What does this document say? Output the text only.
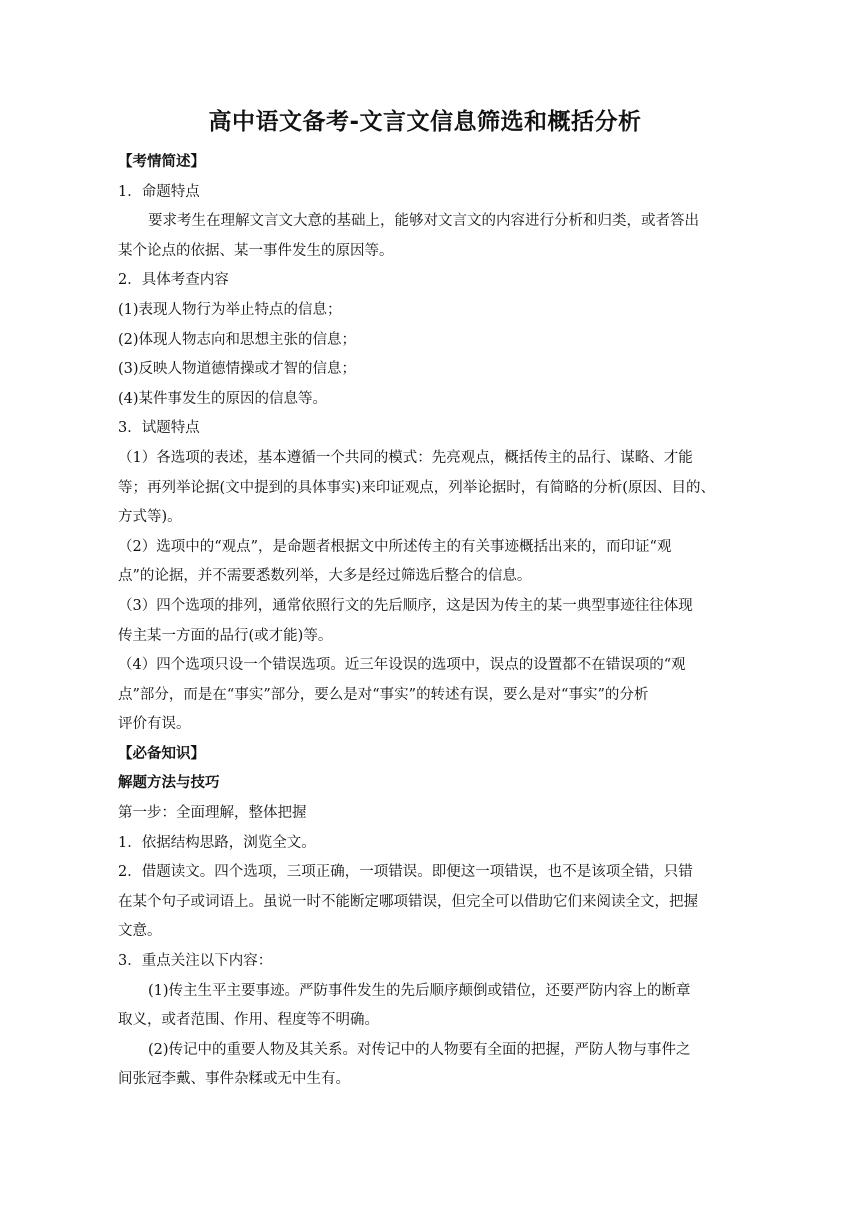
高中语文备考-文言文信息筛选和概括分析

【考情简述】

1．命题特点

要求考生在理解文言文大意的基础上，能够对文言文的内容进行分析和归类，或者答出

某个论点的依据、某一事件发生的原因等。

2．具体考查内容

(1)表现人物行为举止特点的信息；

(2)体现人物志向和思想主张的信息；

(3)反映人物道德情操或才智的信息；

(4)某件事发生的原因的信息等。

3．试题特点

（1）各选项的表述，基本遵循一个共同的模式：先亮观点，概括传主的品行、谋略、才能

等；再列举论据(文中提到的具体事实)来印证观点，列举论据时，有简略的分析(原因、目的、

方式等)。

（2）选项中的“观点”，是命题者根据文中所述传主的有关事迹概括出来的，而印证“观

点”的论据，并不需要悉数列举，大多是经过筛选后整合的信息。

（3）四个选项的排列，通常依照行文的先后顺序，这是因为传主的某一典型事迹往往体现

传主某一方面的品行(或才能)等。

（4）四个选项只设一个错误选项。近三年设误的选项中，误点的设置都不在错误项的“观

点”部分，而是在“事实”部分，要么是对“事实”的转述有误，要么是对“事实”的分析

评价有误。

【必备知识】

解题方法与技巧

第一步：全面理解，整体把握

1．依据结构思路，浏览全文。

2．借题读文。四个选项，三项正确，一项错误。即便这一项错误，也不是该项全错，只错

在某个句子或词语上。虽说一时不能断定哪项错误，但完全可以借助它们来阅读全文，把握

文意。

3．重点关注以下内容：

(1)传主生平主要事迹。严防事件发生的先后顺序颠倒或错位，还要严防内容上的断章

取义，或者范围、作用、程度等不明确。

(2)传记中的重要人物及其关系。对传记中的人物要有全面的把握，严防人物与事件之

间张冠李戴、事件杂糅或无中生有。
